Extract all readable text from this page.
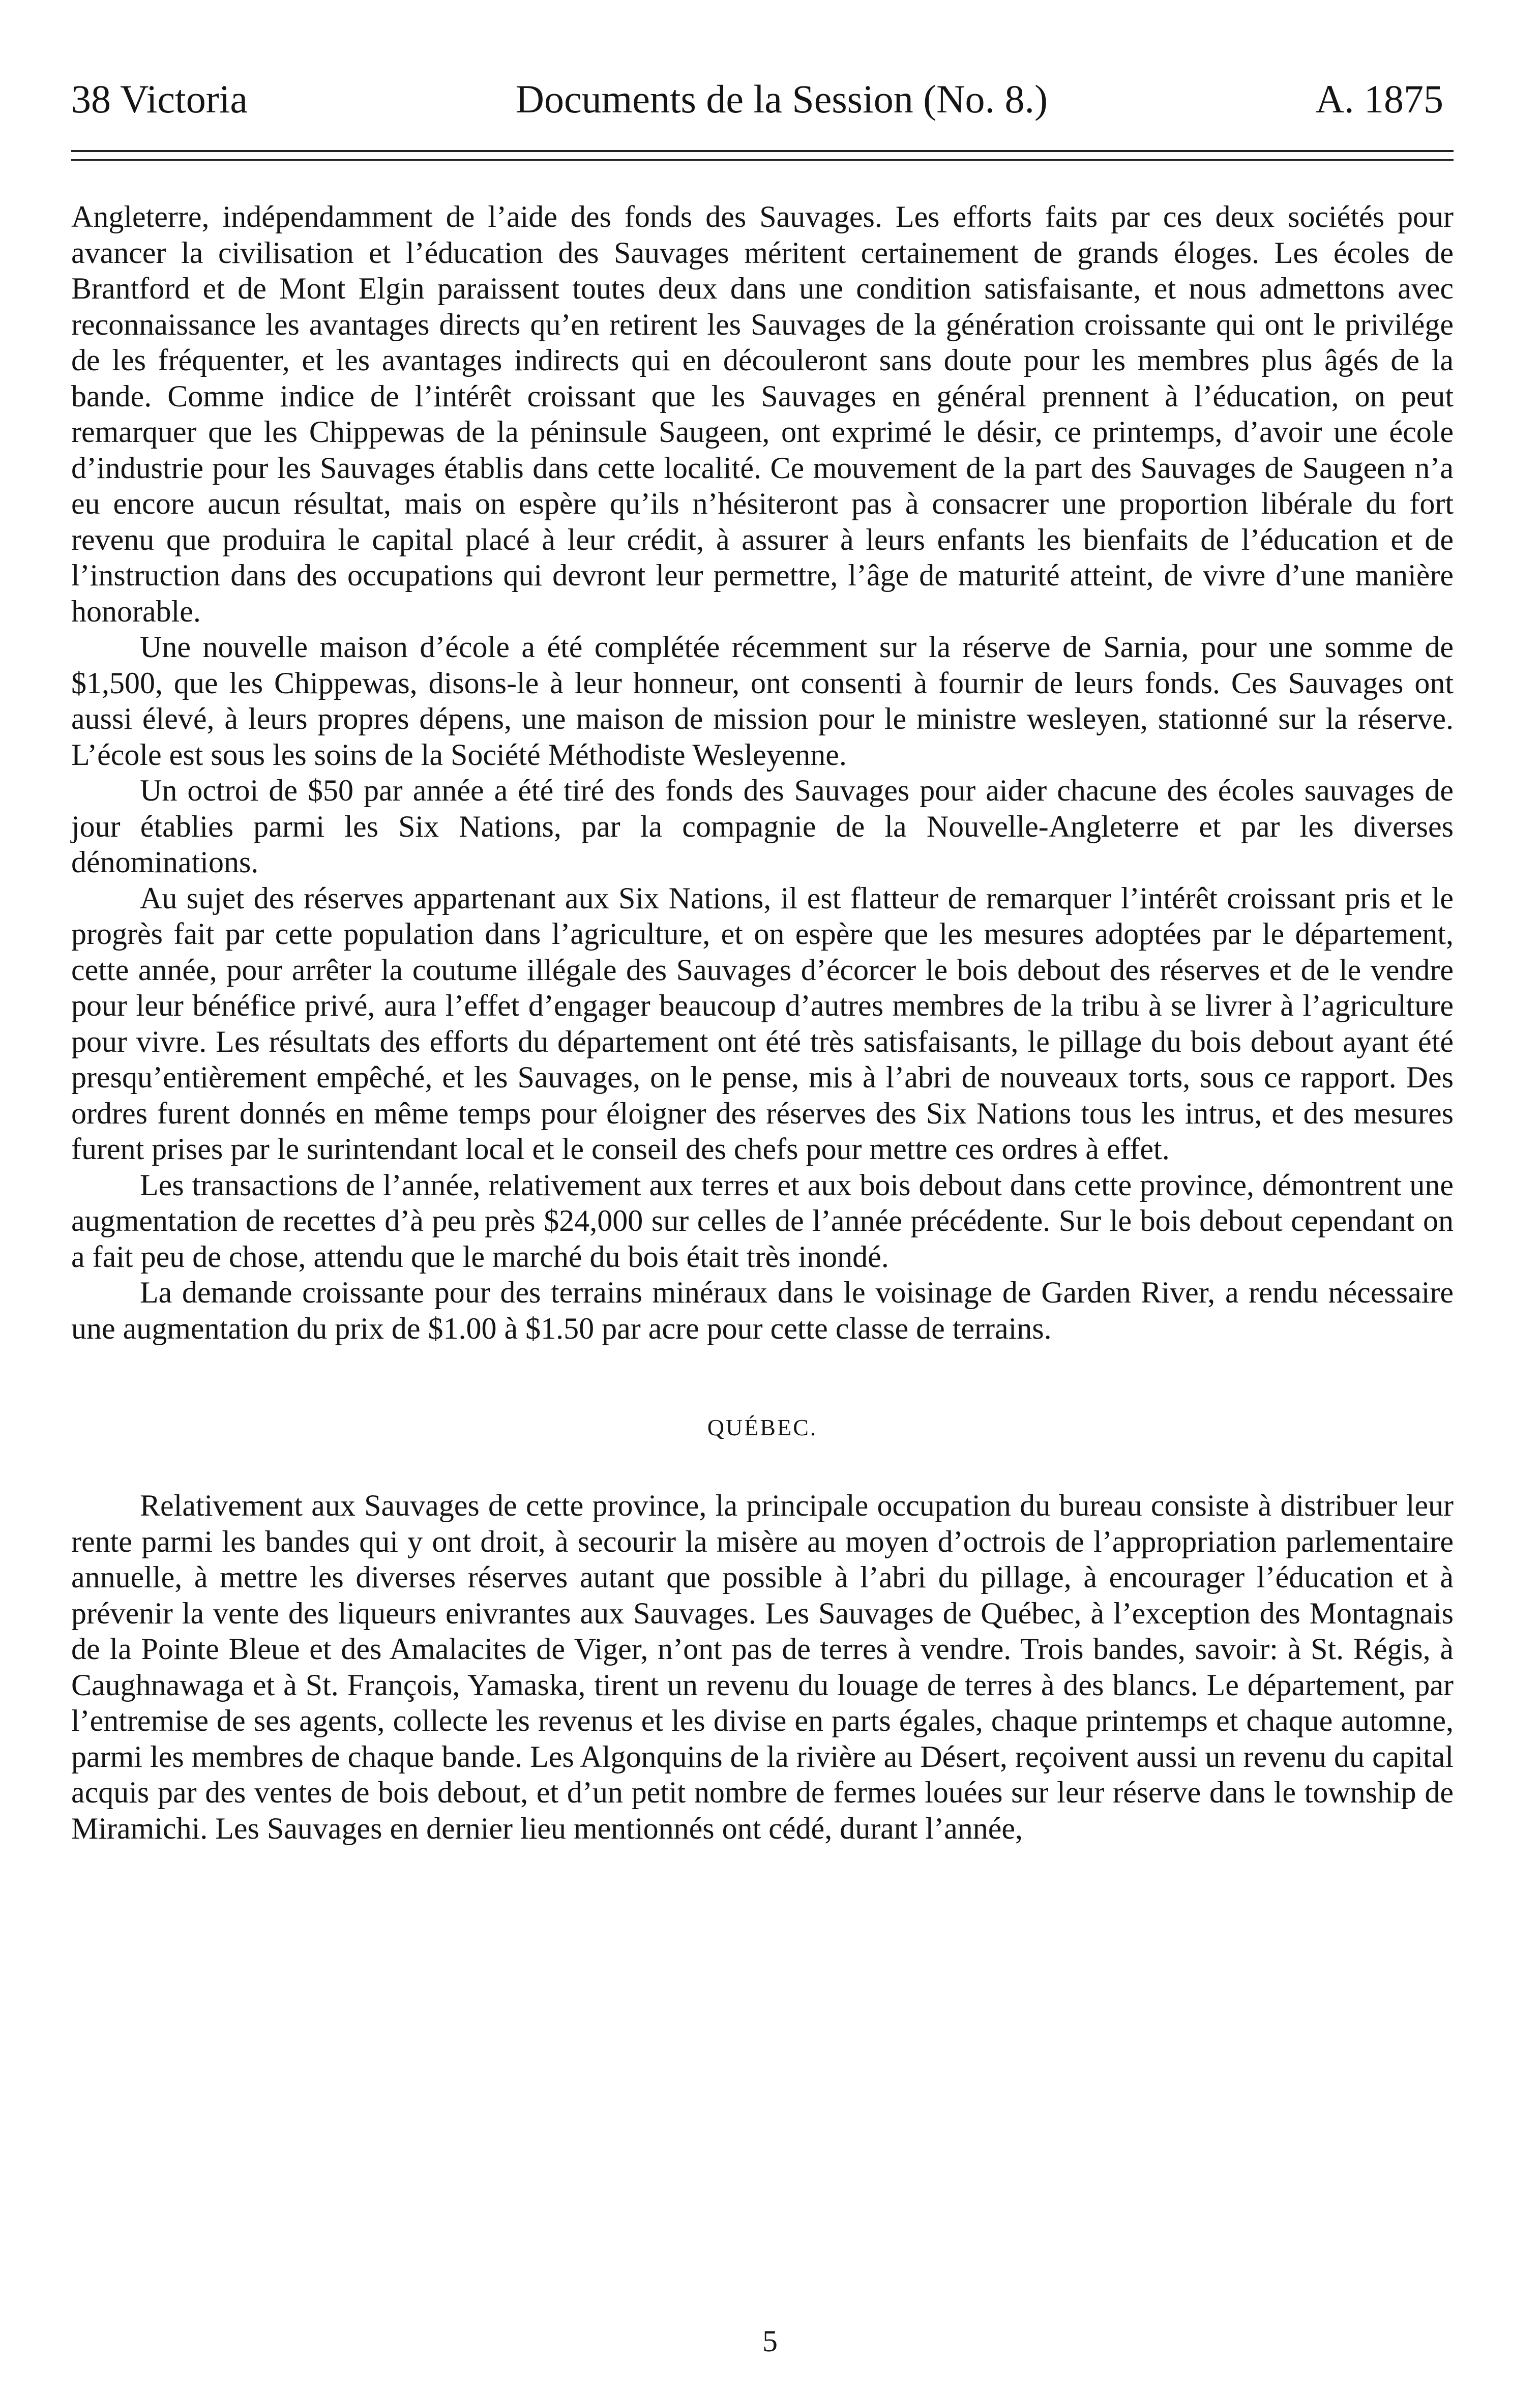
38 Victoria	Documents de la Session (No. 8.)	A. 1875

Angleterre, indépendamment de l’aide des fonds des Sauvages. Les efforts faits par ces deux sociétés pour avancer la civilisation et l’éducation des Sauvages méritent certainement de grands éloges. Les écoles de Brantford et de Mont Elgin paraissent toutes deux dans une condition satisfaisante, et nous admettons avec reconnaissance les avantages directs qu’en retirent les Sauvages de la génération croissante qui ont le privilége de les fréquenter, et les avantages indirects qui en découleront sans doute pour les membres plus âgés de la bande. Comme indice de l’intérêt croissant que les Sauvages en général prennent à l’éducation, on peut remarquer que les Chippewas de la péninsule Saugeen, ont exprimé le désir, ce printemps, d’avoir une école d’industrie pour les Sauvages établis dans cette localité. Ce mouvement de la part des Sauvages de Saugeen n’a eu encore aucun résultat, mais on espère qu’ils n’hésiteront pas à consacrer une proportion libérale du fort revenu que produira le capital placé à leur crédit, à assurer à leurs enfants les bienfaits de l’éducation et de l’instruction dans des occupations qui devront leur permettre, l’âge de maturité atteint, de vivre d’une manière honorable.

Une nouvelle maison d’école a été complétée récemment sur la réserve de Sarnia, pour une somme de $1,500, que les Chippewas, disons-le à leur honneur, ont consenti à fournir de leurs fonds. Ces Sauvages ont aussi élevé, à leurs propres dépens, une maison de mission pour le ministre wesleyen, stationné sur la réserve. L’école est sous les soins de la Société Méthodiste Wesleyenne.

Un octroi de $50 par année a été tiré des fonds des Sauvages pour aider chacune des écoles sauvages de jour établies parmi les Six Nations, par la compagnie de la Nouvelle-Angleterre et par les diverses dénominations.

Au sujet des réserves appartenant aux Six Nations, il est flatteur de remarquer l’intérêt croissant pris et le progrès fait par cette population dans l’agriculture, et on espère que les mesures adoptées par le département, cette année, pour arrêter la coutume illégale des Sauvages d’écorcer le bois debout des réserves et de le vendre pour leur bénéfice privé, aura l’effet d’engager beaucoup d’autres membres de la tribu à se livrer à l’agriculture pour vivre. Les résultats des efforts du département ont été très satisfaisants, le pillage du bois debout ayant été presqu’entièrement empêché, et les Sauvages, on le pense, mis à l’abri de nouveaux torts, sous ce rapport. Des ordres furent donnés en même temps pour éloigner des réserves des Six Nations tous les intrus, et des mesures furent prises par le surintendant local et le conseil des chefs pour mettre ces ordres à effet.

Les transactions de l’année, relativement aux terres et aux bois debout dans cette province, démontrent une augmentation de recettes d’à peu près $24,000 sur celles de l’année précédente. Sur le bois debout cependant on a fait peu de chose, attendu que le marché du bois était très inondé.

La demande croissante pour des terrains minéraux dans le voisinage de Garden River, a rendu nécessaire une augmentation du prix de $1.00 à $1.50 par acre pour cette classe de terrains.

QUÉBEC.

Relativement aux Sauvages de cette province, la principale occupation du bureau consiste à distribuer leur rente parmi les bandes qui y ont droit, à secourir la misère au moyen d’octrois de l’appropriation parlementaire annuelle, à mettre les diverses réserves autant que possible à l’abri du pillage, à encourager l’éducation et à prévenir la vente des liqueurs enivrantes aux Sauvages. Les Sauvages de Québec, à l’exception des Montagnais de la Pointe Bleue et des Amalacites de Viger, n’ont pas de terres à vendre. Trois bandes, savoir: à St. Régis, à Caughnawaga et à St. François, Yamaska, tirent un revenu du louage de terres à des blancs. Le département, par l’entremise de ses agents, collecte les revenus et les divise en parts égales, chaque printemps et chaque automne, parmi les membres de chaque bande. Les Algonquins de la rivière au Désert, reçoivent aussi un revenu du capital acquis par des ventes de bois debout, et d’un petit nombre de fermes louées sur leur réserve dans le township de Miramichi. Les Sauvages en dernier lieu mentionnés ont cédé, durant l’année,

5
